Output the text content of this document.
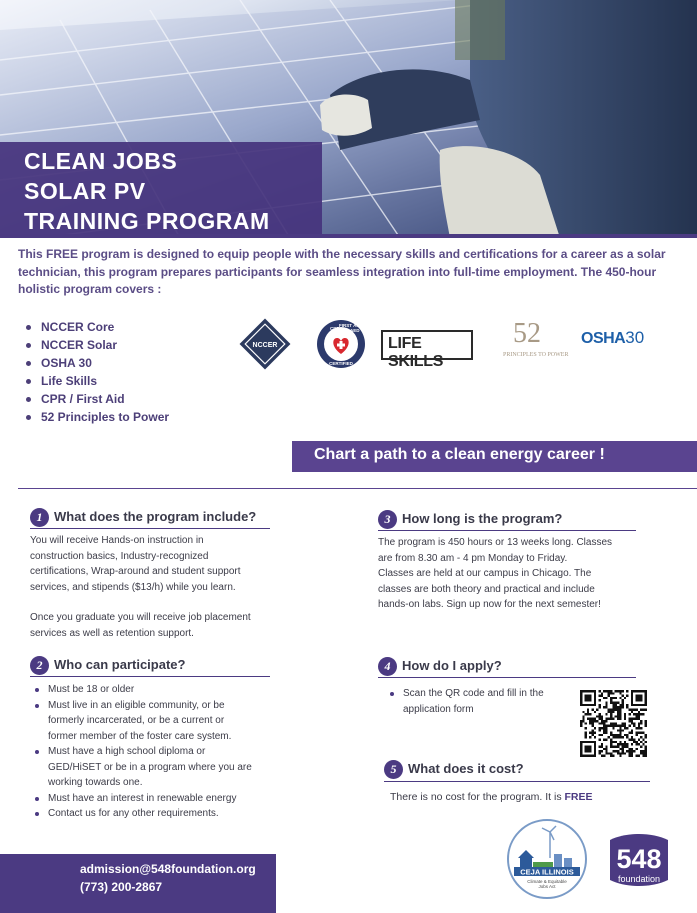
CLEAN JOBS
SOLAR PV
TRAINING PROGRAM
This FREE program is designed to equip people with the necessary skills and certifications for a career as a solar technician, this program prepares participants for seamless integration into full-time employment. The 450-hour holistic program covers :
NCCER Core
NCCER Solar
OSHA 30
Life Skills
CPR / First Aid
52 Principles to Power
NCCER
CPR
FIRST AID
AED
CERTIFIED
LIFE SKILLS
52
PRINCIPLES TO POWER
OSHA30
Chart a path to a clean energy career !
1 What does the program include?
You will receive Hands-on instruction in
construction basics, Industry-recognized
certifications, Wrap-around and student support
services, and stipends ($13/h) while you learn.
Once you graduate you will receive job placement
services as well as retention support.
2 Who can participate?
Must be 18 or older
Must live in an eligible community, or be
formerly incarcerated, or be a current or
former member of the foster care system.
Must have a high school diploma or
GED/HiSET or be in a program where you are
working towards one.
Must have an interest in renewable energy
Contact us for any other requirements.
3 How long is the program?
The program is 450 hours or 13 weeks long. Classes
are from 8.30 am - 4 pm Monday to Friday.
Classes are held at our campus in Chicago. The
classes are both theory and practical and include
hands-on labs. Sign up now for the next semester!
4 How do I apply?
Scan the QR code and fill in the
application form
5 What does it cost?
There is no cost for the program. It is FREE
admission@548foundation.org
(773) 200-2867
CEJA ILLINOIS
Climate & Equitable
Jobs Act
548
foundation
